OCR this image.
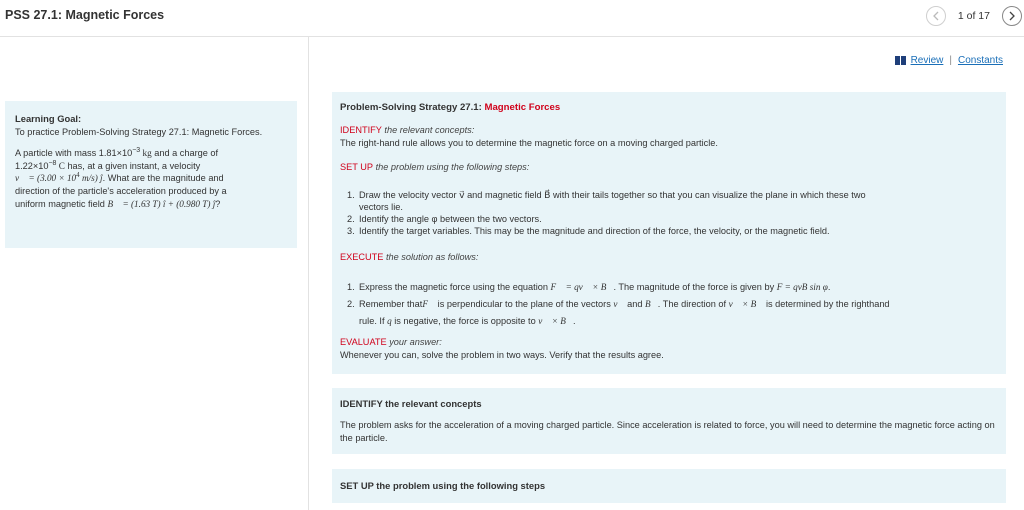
PSS 27.1: Magnetic Forces	1 of 17

Learning Goal:

To practice Problem-Solving Strategy 27.1: Magnetic Forces.

A particle with mass $1.81\times 10^{-3}$ kg and a charge of

$1.22\times 10^{-8}$ C has, at a given instant, a velocity

v⃗ = ($3.00 \times 10^4$ m/s) ĵ. What are the magnitude and

direction of the particle's acceleration produced by a

uniform magnetic field B⃗ = (1.63 T) î + (0.980 T) ĵ?

Review | Constants
Problem-Solving Strategy 27.1: Magnetic Forces
IDENTIFY the relevant concepts:
The right-hand rule allows you to determine the magnetic force on a moving charged particle.
SET UP the problem using the following steps:
1. Draw the velocity vector v⃗ and magnetic field B⃗ with their tails together so that you can visualize the plane in which these two
vectors lie.
2. Identify the angle φ between the two vectors.
3. Identify the target variables. This may be the magnitude and direction of the force, the velocity, or the magnetic field.
EXECUTE the solution as follows:
1. Express the magnetic force using the equation F⃗ = qv⃗ × B⃗. The magnitude of the force is given by F = qvB sin φ.
2. Remember thatF⃗ is perpendicular to the plane of the vectors v⃗ and B⃗. The direction of v⃗ × B⃗ is determined by the righthand
rule. If q is negative, the force is opposite to v⃗ × B⃗.
EVALUATE your answer:
Whenever you can, solve the problem in two ways. Verify that the results agree.
IDENTIFY the relevant concepts
The problem asks for the acceleration of a moving charged particle. Since acceleration is related to force, you will need to determine the magnetic force acting on the particle.
SET UP the problem using the following steps
